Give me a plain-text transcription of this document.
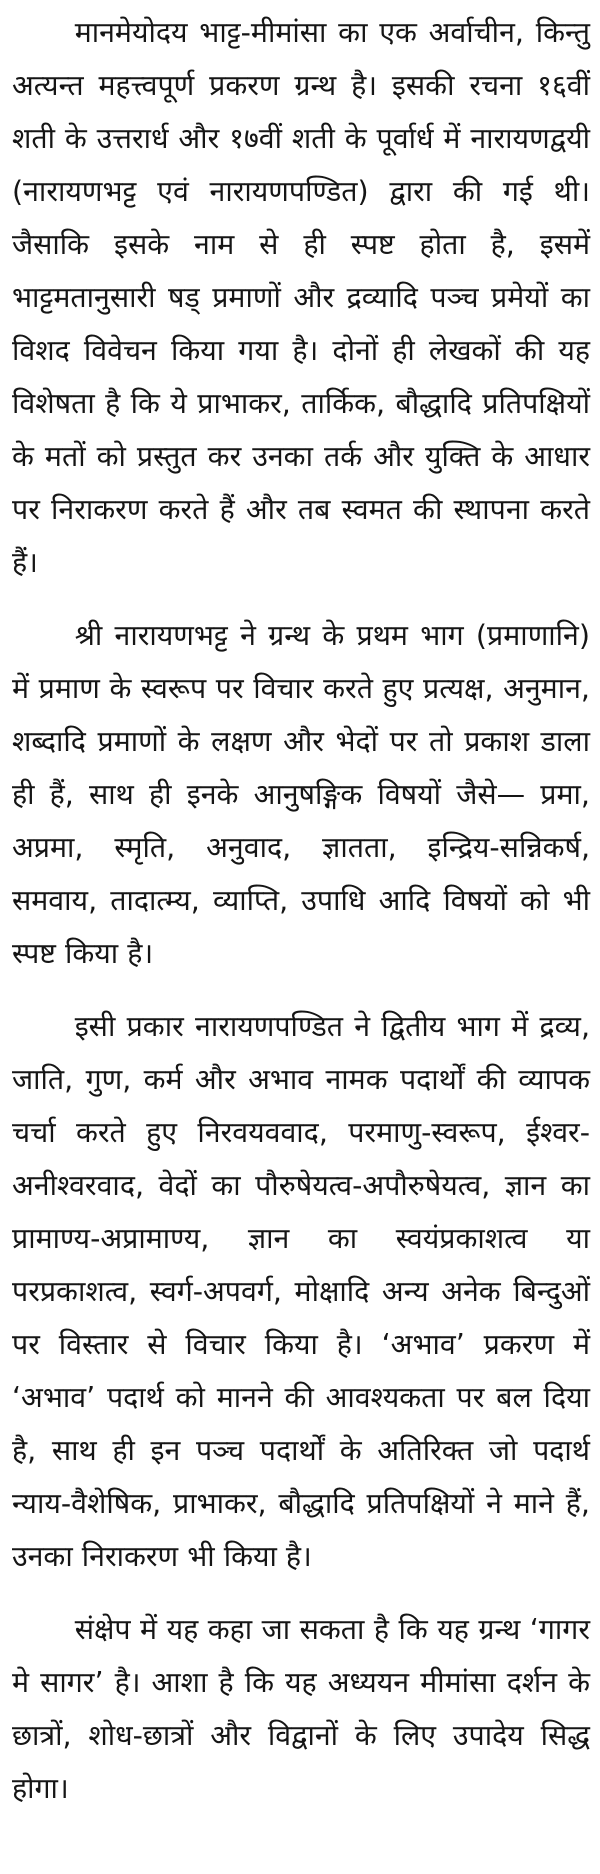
मानमेयोदय भाट्ट-मीमांसा का एक अर्वाचीन, किन्तु अत्यन्त महत्त्वपूर्ण प्रकरण ग्रन्थ है। इसकी रचना १६वीं शती के उत्तरार्ध और १७वीं शती के पूर्वार्ध में नारायणद्वयी (नारायणभट्ट एवं नारायणपण्डित) द्वारा की गई थी। जैसाकि इसके नाम से ही स्पष्ट होता है, इसमें भाट्टमतानुसारी षड् प्रमाणों और द्रव्यादि पञ्च प्रमेयों का विशद विवेचन किया गया है। दोनों ही लेखकों की यह विशेषता है कि ये प्राभाकर, तार्किक, बौद्धादि प्रतिपक्षियों के मतों को प्रस्तुत कर उनका तर्क और युक्ति के आधार पर निराकरण करते हैं और तब स्वमत की स्थापना करते हैं।

श्री नारायणभट्ट ने ग्रन्थ के प्रथम भाग (प्रमाणानि) में प्रमाण के स्वरूप पर विचार करते हुए प्रत्यक्ष, अनुमान, शब्दादि प्रमाणों के लक्षण और भेदों पर तो प्रकाश डाला ही हैं, साथ ही इनके आनुषङ्गिक विषयों जैसे— प्रमा, अप्रमा, स्मृति, अनुवाद, ज्ञातता, इन्द्रिय-सन्निकर्ष, समवाय, तादात्म्य, व्याप्ति, उपाधि आदि विषयों को भी स्पष्ट किया है।

इसी प्रकार नारायणपण्डित ने द्वितीय भाग में द्रव्य, जाति, गुण, कर्म और अभाव नामक पदार्थों की व्यापक चर्चा करते हुए निरवयववाद, परमाणु-स्वरूप, ईश्वर-अनीश्वरवाद, वेदों का पौरुषेयत्व-अपौरुषेयत्व, ज्ञान का प्रामाण्य-अप्रामाण्य, ज्ञान का स्वयंप्रकाशत्व या परप्रकाशत्व, स्वर्ग-अपवर्ग, मोक्षादि अन्य अनेक बिन्दुओं पर विस्तार से विचार किया है। ‘अभाव’ प्रकरण में ‘अभाव’ पदार्थ को मानने की आवश्यकता पर बल दिया है, साथ ही इन पञ्च पदार्थों के अतिरिक्त जो पदार्थ न्याय-वैशेषिक, प्राभाकर, बौद्धादि प्रतिपक्षियों ने माने हैं, उनका निराकरण भी किया है।

संक्षेप में यह कहा जा सकता है कि यह ग्रन्थ ‘गागर मे सागर’ है। आशा है कि यह अध्ययन मीमांसा दर्शन के छात्रों, शोध-छात्रों और विद्वानों के लिए उपादेय सिद्ध होगा।
